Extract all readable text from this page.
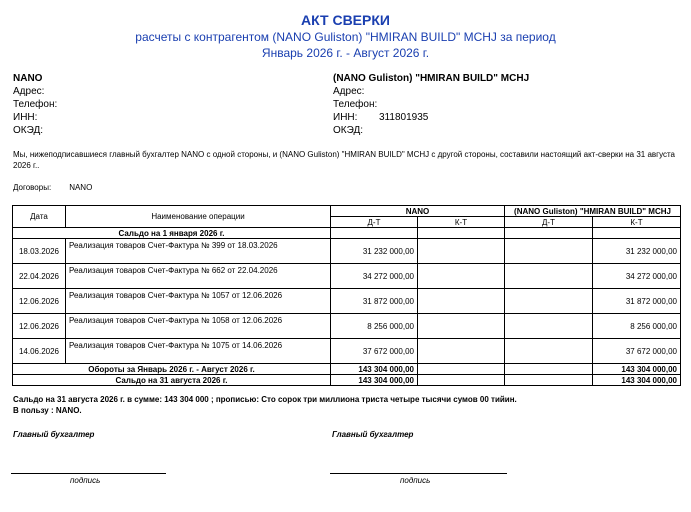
АКТ СВЕРКИ
расчеты с контрагентом (NANO Guliston) "HMIRAN BUILD" MCHJ за период
Январь 2026 г. - Август 2026 г.
NANO
Адрес:
Телефон:
ИНН:
ОКЭД:
(NANO Guliston) "HMIRAN BUILD" MCHJ
Адрес:
Телефон:
ИНН:	311801935
ОКЭД:
Мы, нижеподписавшиеся главный бухгалтер NANO с одной стороны, и (NANO Guliston) "HMIRAN BUILD" MCHJ с другой стороны, составили настоящий акт-сверки на 31 августа 2026 г..
Договоры: NANO
Дата	Наименование операции	NANO		(NANO Guliston) "HMIRAN BUILD" MCHJ	
		Д-Т	К-Т	Д-Т	К-Т
Сальдо на 1 января 2026 г.					
18.03.2026	Реализация товаров Счет-Фактура № 399 от 18.03.2026	31 232 000,00			31 232 000,00
22.04.2026	Реализация товаров Счет-Фактура № 662 от 22.04.2026	34 272 000,00			34 272 000,00
12.06.2026	Реализация товаров Счет-Фактура № 1057 от 12.06.2026	31 872 000,00			31 872 000,00
12.06.2026	Реализация товаров Счет-Фактура № 1058 от 12.06.2026	8 256 000,00			8 256 000,00
14.06.2026	Реализация товаров Счет-Фактура № 1075 от 14.06.2026	37 672 000,00			37 672 000,00
Обороты за Январь 2026 г. - Август 2026 г.		143 304 000,00			143 304 000,00
Сальдо на 31 августа 2026 г.		143 304 000,00			143 304 000,00
Сальдо на 31 августа 2026 г. в сумме: 143 304 000 ; прописью: Сто сорок три миллиона триста четыре тысячи сумов 00 тийин.
В пользу : NANO.
Главный бухгалтер	Главный бухгалтер
подпись	подпись
